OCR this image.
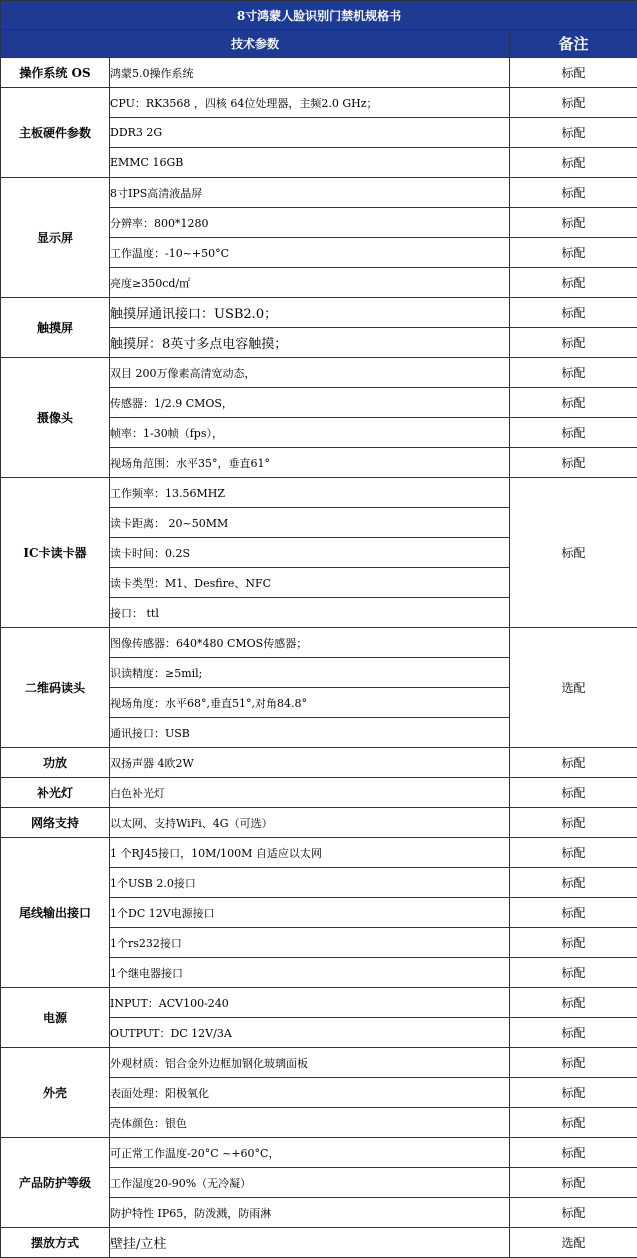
8寸鸿蒙人脸识别门禁机规格书		
技术参数		备注
操作系统 OS	鸿蒙5.0操作系统	标配
主板硬件参数	CPU：RK3568 ，四核 64位处理器，主频2.0 GHz；	标配
	DDR3 2G	标配
	EMMC 16GB	标配
显示屏	8寸IPS高清液晶屏	标配
	分辨率：800*1280	标配
	工作温度：-10~+50°C	标配
	亮度≥350cd/㎡	标配
触摸屏	触摸屏通讯接口：USB2.0；	标配
	触摸屏：8英寸多点电容触摸；	标配
摄像头	双目 200万像素高清宽动态，	标配
	传感器：1/2.9 CMOS，	标配
	帧率：1-30帧（fps），	标配
	视场角范围：水平35°，垂直61°	标配
IC卡读卡器	工作频率：13.56MHZ	标配
	读卡距离： 20~50MM	
	读卡时间：0.2S	
	读卡类型：M1、Desfire、NFC	
	接口： ttl	
二维码读头	图像传感器：640*480 CMOS传感器；	选配
	识读精度：≥5mil;	
	视场角度：水平68°,垂直51°,对角84.8°	
	通讯接口：USB	
功放	双扬声器 4欧2W	标配
补光灯	白色补光灯	标配
网络支持	以太网、支持WiFi、4G（可选）	标配
尾线输出接口	1 个RJ45接口，10M/100M 自适应以太网	标配
	1个USB 2.0接口	标配
	1个DC 12V电源接口	标配
	1个rs232接口	标配
	1个继电器接口	标配
电源	INPUT：ACV100-240	标配
	OUTPUT：DC 12V/3A	标配
外壳	外观材质：铝合金外边框加钢化玻璃面板	标配
	表面处理：阳极氧化	标配
	壳体颜色：银色	标配
产品防护等级	可正常工作温度-20°C ~+60°C，	标配
	工作湿度20-90%（无冷凝）	标配
	防护特性 IP65，防泼溅，防雨淋	标配
摆放方式	壁挂/立柱	选配
